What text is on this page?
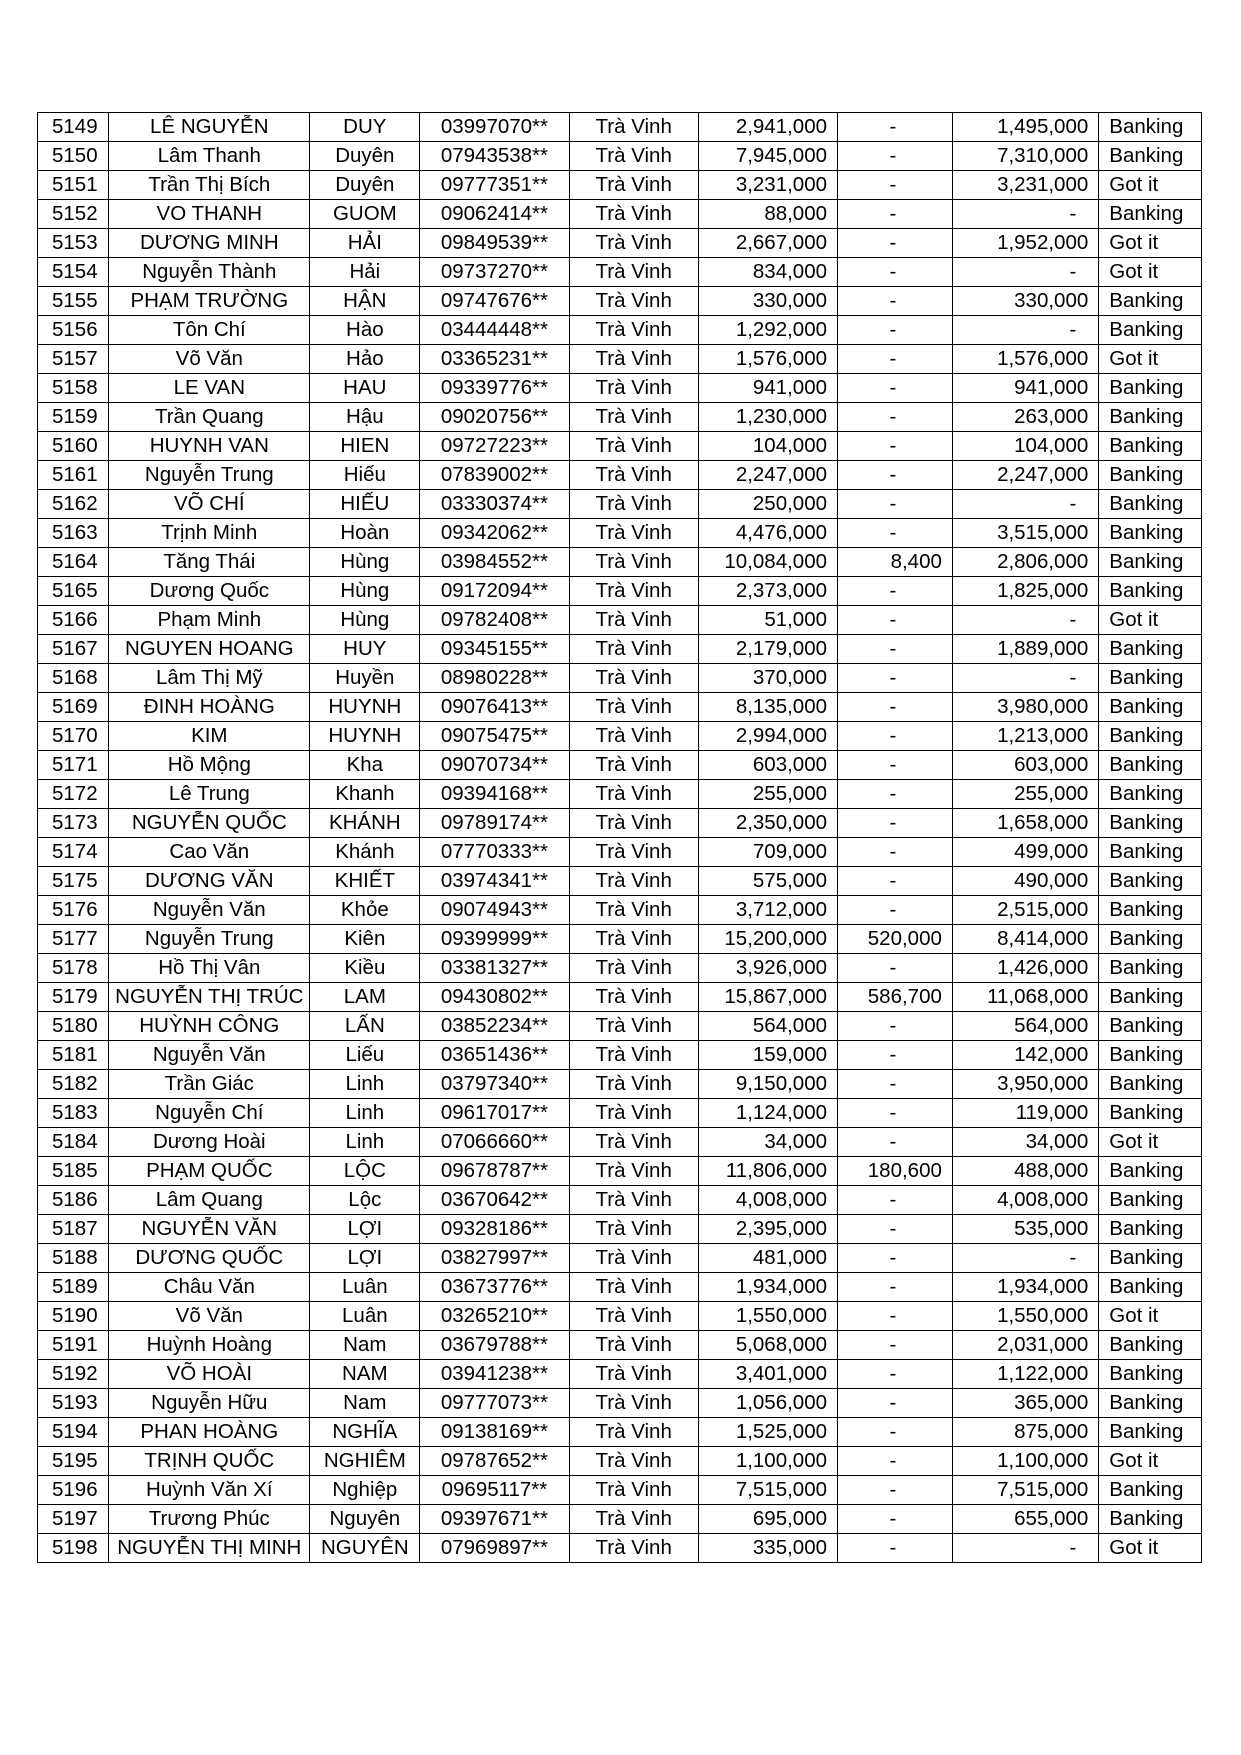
5149	LÊ NGUYỄN	DUY	03997070**	Trà Vinh	2,941,000	-	1,495,000	Banking
5150	Lâm Thanh	Duyên	07943538**	Trà Vinh	7,945,000	-	7,310,000	Banking
5151	Trần Thị Bích	Duyên	09777351**	Trà Vinh	3,231,000	-	3,231,000	Got it
5152	VO THANH	GUOM	09062414**	Trà Vinh	88,000	-	-	Banking
5153	DƯƠNG MINH	HẢI	09849539**	Trà Vinh	2,667,000	-	1,952,000	Got it
5154	Nguyễn Thành	Hải	09737270**	Trà Vinh	834,000	-	-	Got it
5155	PHẠM TRƯỜNG	HẬN	09747676**	Trà Vinh	330,000	-	330,000	Banking
5156	Tôn Chí	Hào	03444448**	Trà Vinh	1,292,000	-	-	Banking
5157	Võ Văn	Hảo	03365231**	Trà Vinh	1,576,000	-	1,576,000	Got it
5158	LE VAN	HAU	09339776**	Trà Vinh	941,000	-	941,000	Banking
5159	Trần Quang	Hậu	09020756**	Trà Vinh	1,230,000	-	263,000	Banking
5160	HUYNH VAN	HIEN	09727223**	Trà Vinh	104,000	-	104,000	Banking
5161	Nguyễn Trung	Hiếu	07839002**	Trà Vinh	2,247,000	-	2,247,000	Banking
5162	VÕ CHÍ	HIẾU	03330374**	Trà Vinh	250,000	-	-	Banking
5163	Trịnh Minh	Hoàn	09342062**	Trà Vinh	4,476,000	-	3,515,000	Banking
5164	Tăng Thái	Hùng	03984552**	Trà Vinh	10,084,000	8,400	2,806,000	Banking
5165	Dương Quốc	Hùng	09172094**	Trà Vinh	2,373,000	-	1,825,000	Banking
5166	Phạm Minh	Hùng	09782408**	Trà Vinh	51,000	-	-	Got it
5167	NGUYEN HOANG	HUY	09345155**	Trà Vinh	2,179,000	-	1,889,000	Banking
5168	Lâm Thị Mỹ	Huyền	08980228**	Trà Vinh	370,000	-	-	Banking
5169	ĐINH HOÀNG	HUYNH	09076413**	Trà Vinh	8,135,000	-	3,980,000	Banking
5170	KIM	HUYNH	09075475**	Trà Vinh	2,994,000	-	1,213,000	Banking
5171	Hồ Mộng	Kha	09070734**	Trà Vinh	603,000	-	603,000	Banking
5172	Lê Trung	Khanh	09394168**	Trà Vinh	255,000	-	255,000	Banking
5173	NGUYỄN QUỐC	KHÁNH	09789174**	Trà Vinh	2,350,000	-	1,658,000	Banking
5174	Cao Văn	Khánh	07770333**	Trà Vinh	709,000	-	499,000	Banking
5175	DƯƠNG VĂN	KHIẾT	03974341**	Trà Vinh	575,000	-	490,000	Banking
5176	Nguyễn Văn	Khỏe	09074943**	Trà Vinh	3,712,000	-	2,515,000	Banking
5177	Nguyễn Trung	Kiên	09399999**	Trà Vinh	15,200,000	520,000	8,414,000	Banking
5178	Hồ Thị Vân	Kiều	03381327**	Trà Vinh	3,926,000	-	1,426,000	Banking
5179	NGUYỄN THỊ TRÚC	LAM	09430802**	Trà Vinh	15,867,000	586,700	11,068,000	Banking
5180	HUỲNH CÔNG	LẤN	03852234**	Trà Vinh	564,000	-	564,000	Banking
5181	Nguyễn Văn	Liếu	03651436**	Trà Vinh	159,000	-	142,000	Banking
5182	Trần Giác	Linh	03797340**	Trà Vinh	9,150,000	-	3,950,000	Banking
5183	Nguyễn Chí	Linh	09617017**	Trà Vinh	1,124,000	-	119,000	Banking
5184	Dương Hoài	Linh	07066660**	Trà Vinh	34,000	-	34,000	Got it
5185	PHẠM QUỐC	LỘC	09678787**	Trà Vinh	11,806,000	180,600	488,000	Banking
5186	Lâm Quang	Lộc	03670642**	Trà Vinh	4,008,000	-	4,008,000	Banking
5187	NGUYỄN VĂN	LỢI	09328186**	Trà Vinh	2,395,000	-	535,000	Banking
5188	DƯƠNG QUỐC	LỢI	03827997**	Trà Vinh	481,000	-	-	Banking
5189	Châu Văn	Luân	03673776**	Trà Vinh	1,934,000	-	1,934,000	Banking
5190	Võ Văn	Luân	03265210**	Trà Vinh	1,550,000	-	1,550,000	Got it
5191	Huỳnh Hoàng	Nam	03679788**	Trà Vinh	5,068,000	-	2,031,000	Banking
5192	VÕ HOÀI	NAM	03941238**	Trà Vinh	3,401,000	-	1,122,000	Banking
5193	Nguyễn Hữu	Nam	09777073**	Trà Vinh	1,056,000	-	365,000	Banking
5194	PHAN HOÀNG	NGHĨA	09138169**	Trà Vinh	1,525,000	-	875,000	Banking
5195	TRỊNH QUỐC	NGHIÊM	09787652**	Trà Vinh	1,100,000	-	1,100,000	Got it
5196	Huỳnh Văn Xí	Nghiệp	09695117**	Trà Vinh	7,515,000	-	7,515,000	Banking
5197	Trương Phúc	Nguyên	09397671**	Trà Vinh	695,000	-	655,000	Banking
5198	NGUYỄN THỊ MINH	NGUYÊN	07969897**	Trà Vinh	335,000	-	-	Got it
